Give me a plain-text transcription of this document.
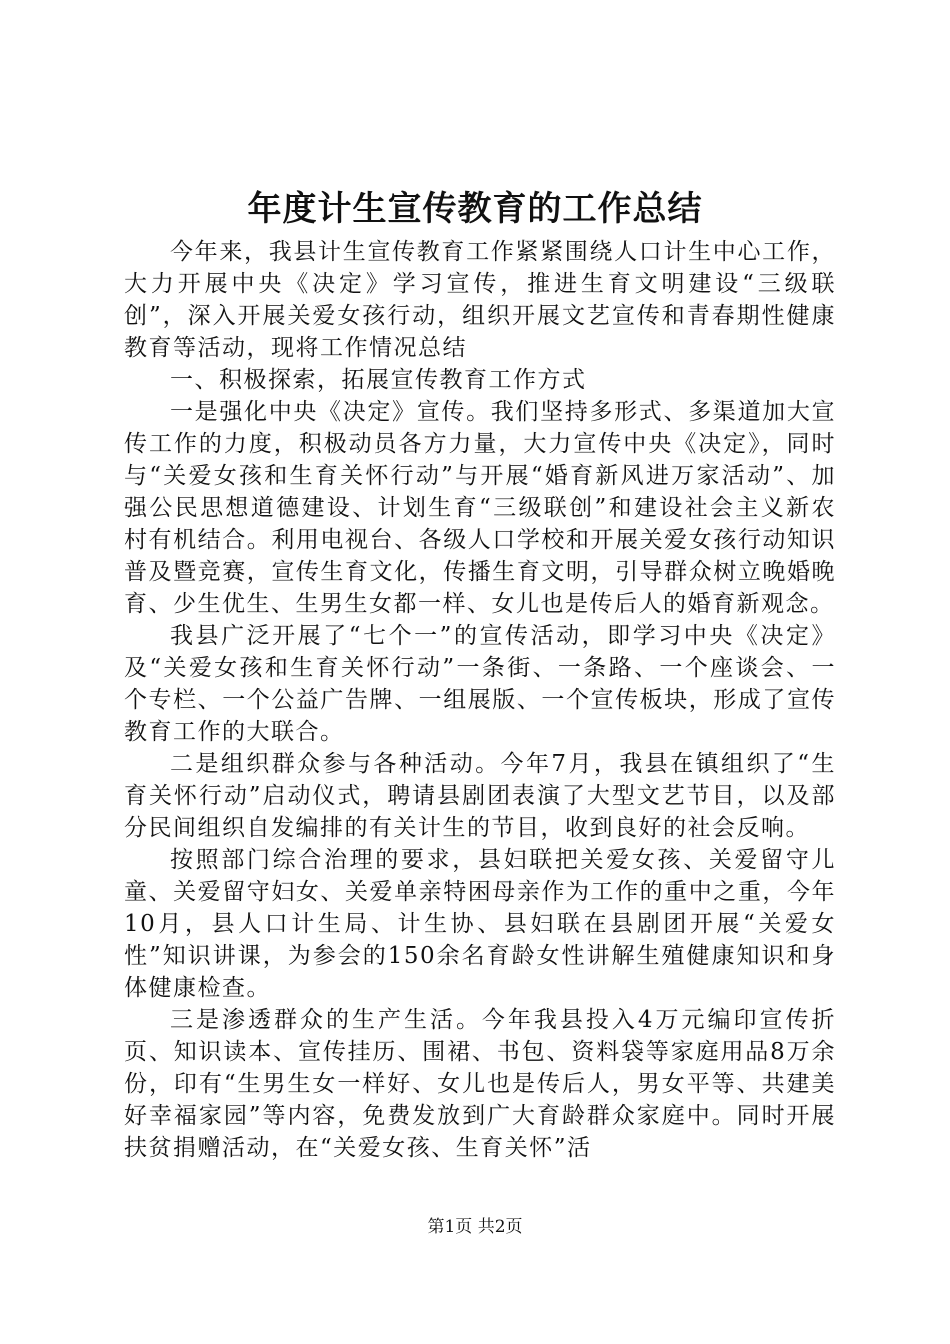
年度计生宣传教育的工作总结

今年来，我县计生宣传教育工作紧紧围绕人口计生中心工作，大力开展中央《决定》学习宣传，推进生育文明建设“三级联创”，深入开展关爱女孩行动，组织开展文艺宣传和青春期性健康教育等活动，现将工作情况总结

一、积极探索，拓展宣传教育工作方式

一是强化中央《决定》宣传。我们坚持多形式、多渠道加大宣传工作的力度，积极动员各方力量，大力宣传中央《决定》，同时与“关爱女孩和生育关怀行动”与开展“婚育新风进万家活动”、加强公民思想道德建设、计划生育“三级联创”和建设社会主义新农村有机结合。利用电视台、各级人口学校和开展关爱女孩行动知识普及暨竞赛，宣传生育文化，传播生育文明，引导群众树立晚婚晚育、少生优生、生男生女都一样、女儿也是传后人的婚育新观念。

我县广泛开展了“七个一”的宣传活动，即学习中央《决定》及“关爱女孩和生育关怀行动”一条街、一条路、一个座谈会、一个专栏、一个公益广告牌、一组展版、一个宣传板块，形成了宣传教育工作的大联合。

二是组织群众参与各种活动。今年7月，我县在镇组织了“生育关怀行动”启动仪式，聘请县剧团表演了大型文艺节目，以及部分民间组织自发编排的有关计生的节目，收到良好的社会反响。

按照部门综合治理的要求，县妇联把关爱女孩、关爱留守儿童、关爱留守妇女、关爱单亲特困母亲作为工作的重中之重，今年10月，县人口计生局、计生协、县妇联在县剧团开展“关爱女性”知识讲课，为参会的150余名育龄女性讲解生殖健康知识和身体健康检查。

三是渗透群众的生产生活。今年我县投入4万元编印宣传折页、知识读本、宣传挂历、围裙、书包、资料袋等家庭用品8万余份，印有“生男生女一样好、女儿也是传后人，男女平等、共建美好幸福家园”等内容，免费发放到广大育龄群众家庭中。同时开展扶贫捐赠活动，在“关爱女孩、生育关怀”活

第1页 共2页
